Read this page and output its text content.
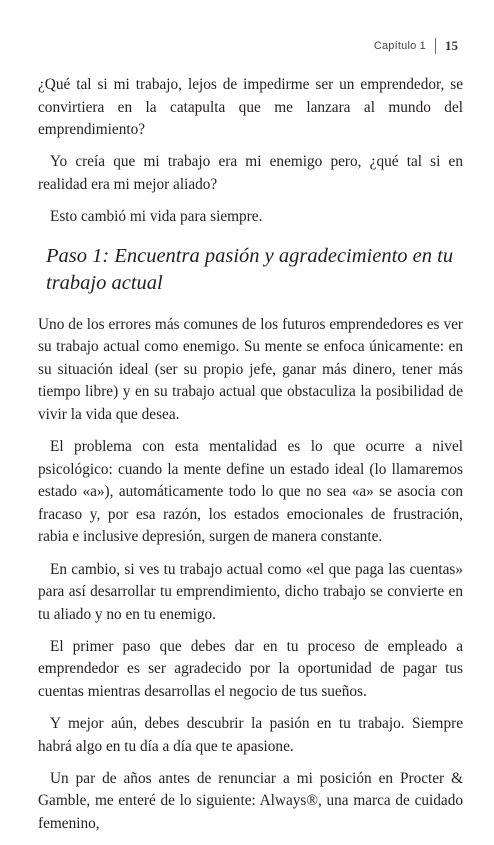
Capítulo 1 15

¿Qué tal si mi trabajo, lejos de impedirme ser un emprendedor, se convirtiera en la catapulta que me lanzara al mundo del emprendimiento?

Yo creía que mi trabajo era mi enemigo pero, ¿qué tal si en realidad era mi mejor aliado?

Esto cambió mi vida para siempre.

Paso 1: Encuentra pasión y agradecimiento en tu trabajo actual

Uno de los errores más comunes de los futuros emprendedores es ver su trabajo actual como enemigo. Su mente se enfoca únicamente: en su situación ideal (ser su propio jefe, ganar más dinero, tener más tiempo libre) y en su trabajo actual que obstaculiza la posibilidad de vivir la vida que desea.

El problema con esta mentalidad es lo que ocurre a nivel psicológico: cuando la mente define un estado ideal (lo llamaremos estado «a»), automáticamente todo lo que no sea «a» se asocia con fracaso y, por esa razón, los estados emocionales de frustración, rabia e inclusive depresión, surgen de manera constante.

En cambio, si ves tu trabajo actual como «el que paga las cuentas» para así desarrollar tu emprendimiento, dicho trabajo se convierte en tu aliado y no en tu enemigo.

El primer paso que debes dar en tu proceso de empleado a emprendedor es ser agradecido por la oportunidad de pagar tus cuentas mientras desarrollas el negocio de tus sueños.

Y mejor aún, debes descubrir la pasión en tu trabajo. Siempre habrá algo en tu día a día que te apasione.

Un par de años antes de renunciar a mi posición en Procter & Gamble, me enteré de lo siguiente: Always®, una marca de cuidado femenino,
